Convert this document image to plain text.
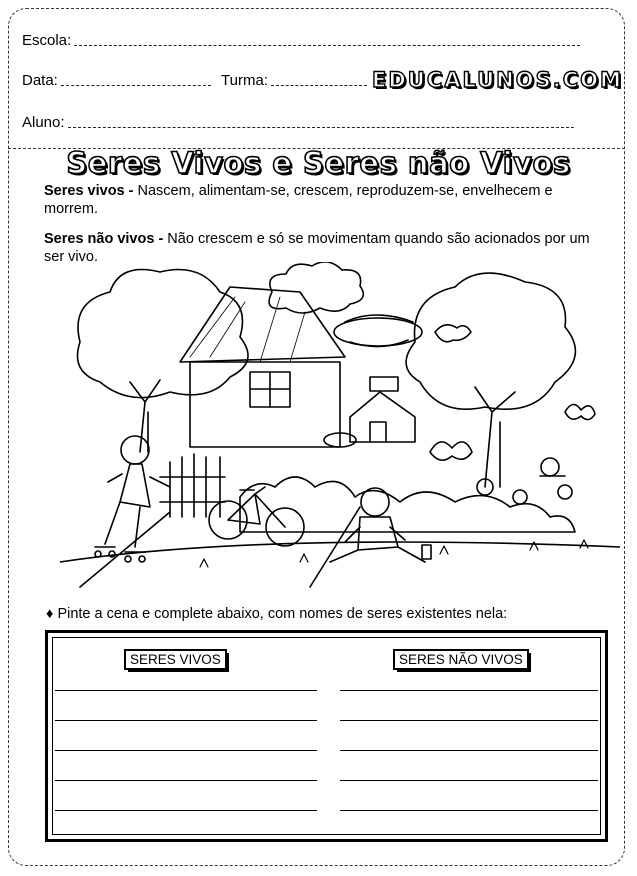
Escola:
Data:	Turma:	EDUCALUNOS.COM
Aluno:
Seres Vivos e Seres não Vivos
Seres vivos - Nascem, alimentam-se, crescem, reproduzem-se, envelhecem e morrem.
Seres não vivos - Não crescem e só se movimentam quando são acionados por um ser vivo.
♦ Pinte a cena e complete abaixo, com nomes de seres existentes nela:
SERES VIVOS	SERES NÃO VIVOS
